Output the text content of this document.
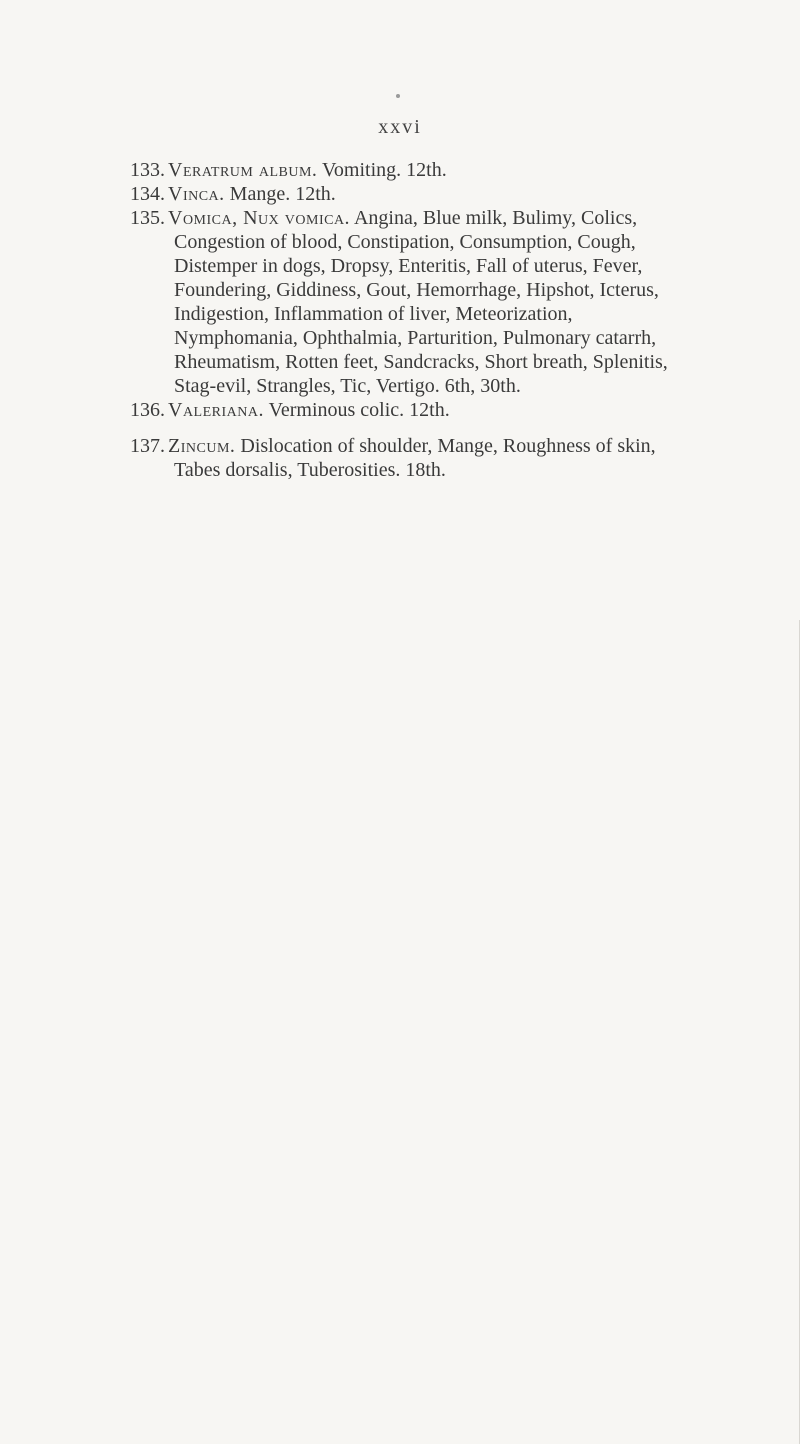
xxvi

133. Veratrum album. Vomiting. 12th.

134. Vinca. Mange. 12th.

135. Vomica, Nux vomica. Angina, Blue milk, Bulimy, Colics, Congestion of blood, Constipation, Consumption, Cough, Distemper in dogs, Dropsy, Enteritis, Fall of uterus, Fever, Foundering, Giddiness, Gout, Hemorrhage, Hipshot, Icterus, Indigestion, Inflammation of liver, Meteorization, Nymphomania, Ophthalmia, Parturition, Pulmonary catarrh, Rheumatism, Rotten feet, Sandcracks, Short breath, Splenitis, Stag-evil, Strangles, Tic, Vertigo. 6th, 30th.

136. Valeriana. Verminous colic. 12th.

137. Zincum. Dislocation of shoulder, Mange, Roughness of skin, Tabes dorsalis, Tuberosities. 18th.
